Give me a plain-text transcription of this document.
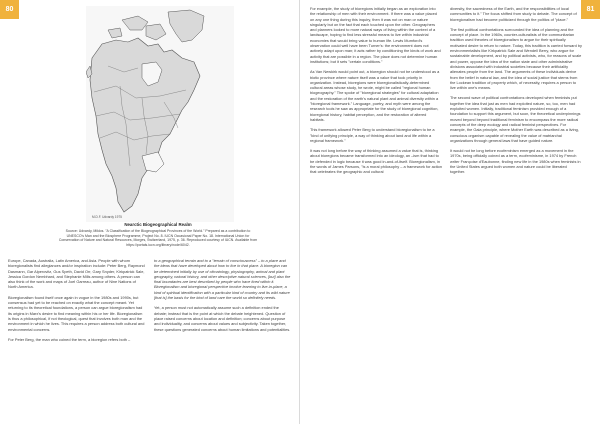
80
M.D.F. Udvardy 1975
Nearctic Biogeographical Realm
Source: Udvardy, Miklos. "A Classification of the Biogeographical Provinces of the World." Prepared as a contribution to UNESCO's Man and the Biosphere Programme, Project No. 8. IUCN Occasional Paper No. 18. International Union for Conservation of Nature and Natural Resources, Morges, Switzerland, 1975, p. 36. Reproduced courtesy of IUCN. Available from https://portals.iucn.org/library/node/6042.

Europe, Canada, Australia, Latin America, and Asia. People with whom bioregionalists find allegiances and/or inspiration include: Peter Berg, Raymond Dasmann, Gar Alperovitz, Gus Speth, David Orr, Gary Snyder, Kirkpatrick Sale, Jessica Gordon Nembhard, and Stephanie Mills among others. A person can also think of the work and maps of Joel Garreau, author of Nine Nations of North America.

Bioregionalism found itself once again in vogue in the 1980s and 1990s, but consensus had yet to be reached on exactly what the concept meant. Yet returning to its theoretical foundations, a person can argue bioregionalism had its origins in Marx's desire to find meaning within his or her life. Bioregionalism is thus a philosophical, if not theological, quest that involves both man and the environment in which he lives. This requires a person address both cultural and environmental concerns.

For Peter Berg, the man who coined the term, a bioregion refers both –

to a geographical terrain and to a "terrain of consciousness" – to a place and the ideas that have developed about how to live in that place. A bioregion can be determined initially by use of climatology, physiography, animal and plant geography, natural history, and other descriptive natural sciences, [but] also the final boundaries are best described by people who have lived within it. Bioregionalism and bioregional perspective involve learning to live-in-place, a kind of spiritual identification with a particular kind of country and its wild nature [that is] the basis for the kind of land care the world so definitely needs.

Yet, a person must not automatically assume such a definition ended the debate; instead that is the point at which the debate heightened. Question of place raised concerns about location and definition; concerns about purpose and individuality, and concerns about values and subjectivity. Taken together, these questions generated concerns about human limitations and potentialities.

81

For example, the study of bioregions initially began as an exploration into the relationship of men with their environment. If there was a value placed on any one thing during this inquiry, then it was not on man or nature singularly but on the fact that each touched upon the other. Geographers and planners looked to more natural ways of living within the context of a landscape, hoping to find less stressful means to live within industrial economies that would bring value to human life. Lewis Mumford's observation could well have been Turner's: the environment does not actively adapt upon man; it acts rather by conditioning the kinds of work and activity that are possible in a region. The place does not determine human institutions; but it sets "certain conditions."

As Van Newkirk would point out, a bioregion should not be understood as a biotic province where nature itself was a value that took priority in organization. Instead, bioregions were bioregionalistically-determined cultural areas whose study, he wrote, might be called "regional human biogeography." The spoke of "bioregional strategies" for cultural adaptation and the restoration of the earth's natural plant and animal diversity within a "bioregional framework." Language, poetry, and myth were among the research tools he saw as appropriate for the study of bioregional cognition, bioregional history, habitat perception, and the restoration of altered habitats.

This framework allowed Peter Berg to understand bioregionalism to be a "kind of unifying principle, a way of thinking about land and life within a regional framework."

It was not long before the way of thinking assumed a value that is, thinking about bioregions became transformed into an ideology, an –ism that had to be defended in logic because it was good in-and-of-itself. Bioregionalism, in the words of James Parsons, "is a moral philosophy – a framework for action that celebrates the geographic and cultural

diversity, the sacredness of the Earth, and the responsibilities of local communities to it." The focus shifted from study to debate. The concept of bioregionalism had become politicized through the politics of "place."

The first political confrontations surrounded the idea of planning and the concept of place. In the 1960s, counter-culturalists of the communitarian tradition used theories of bioregionalism to argue for their spiritually motivated desire to return to nature. Today, this tradition is carried forward by environmentalists like Kirkpatrick Sale and Wendell Berry, who argue for sustainable development, and by political activists, who, for reasons of scale and power, oppose the idea of the nation state and other administrative divisions associated with industrial societies because their artificiality alienates people from the land. The arguments of these individuals derive from the belief in natural law, and the idea of social justice that stems from the Lockean tradition of property which, of necessity, requires a person to live within one's means.

The second wave of political confrontations developed when feminists put together the idea that just as men had exploited nature, so, too, men had exploited women. Initially, traditional feminism provided enough of a foundation to support this argument, but soon, the theoretical underpinnings moved beyond beyond traditional feminism to encompass the more radical concepts of the deep ecology and radical feminist perspectives. For example, the Gaia principle, where Mother Earth was described as a living, conscious organism capable of revealing the value of matriarchal organizations through general laws that have guided nature.

It would not be long before ecofeminism emerged as a movement in the 1970s, being officially coined as a term, ecofeminisme, in 1974 by French writer Françoise d'Eaubonne, finding new life in the 1980s when feminists in the United States argued both women and nature could be liberated together.
